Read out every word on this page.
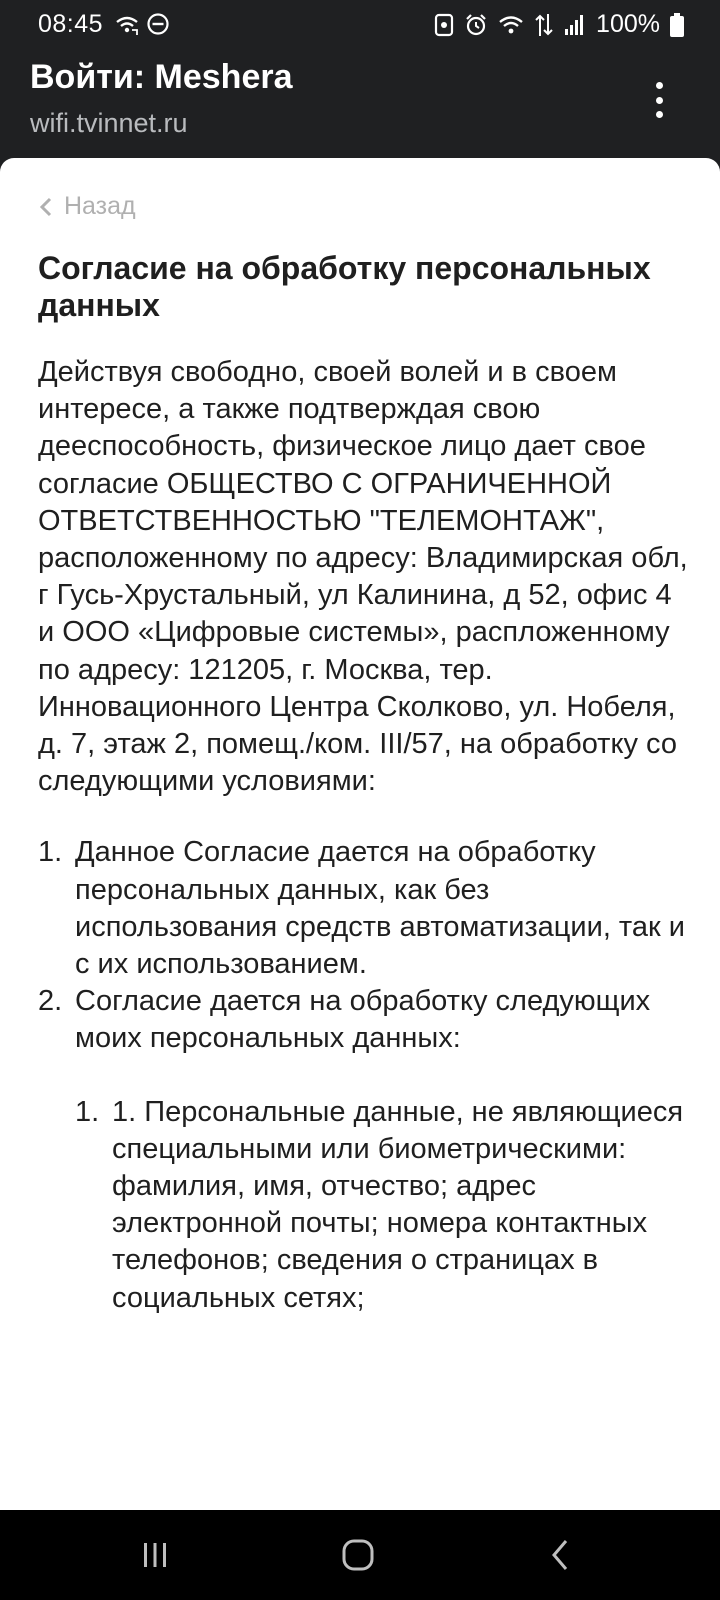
08:45	100%
Войти: Meshera
wifi.tvinnet.ru
Назад
Согласие на обработку персональных данных

Действуя свободно, своей волей и в своем интересе, а также подтверждая свою дееспособность, физическое лицо дает свое согласие ОБЩЕСТВО С ОГРАНИЧЕННОЙ ОТВЕТСТВЕННОСТЬЮ "ТЕЛЕМОНТАЖ", расположенному по адресу: Владимирская обл, г Гусь-Хрустальный, ул Калинина, д 52, офис 4 и ООО «Цифровые системы», распложенному по адресу: 121205, г. Москва, тер. Инновационного Центра Сколково, ул. Нобеля, д. 7, этаж 2, помещ./ком. III/57, на обработку со следующими условиями:

1. Данное Согласие дается на обработку персональных данных, как без использования средств автоматизации, так и с их использованием.
2. Согласие дается на обработку следующих моих персональных данных:
1. 1. Персональные данные, не являющиеся специальными или биометрическими:
фамилия, имя, отчество; адрес электронной почты; номера контактных телефонов; сведения о страницах в социальных сетях;
